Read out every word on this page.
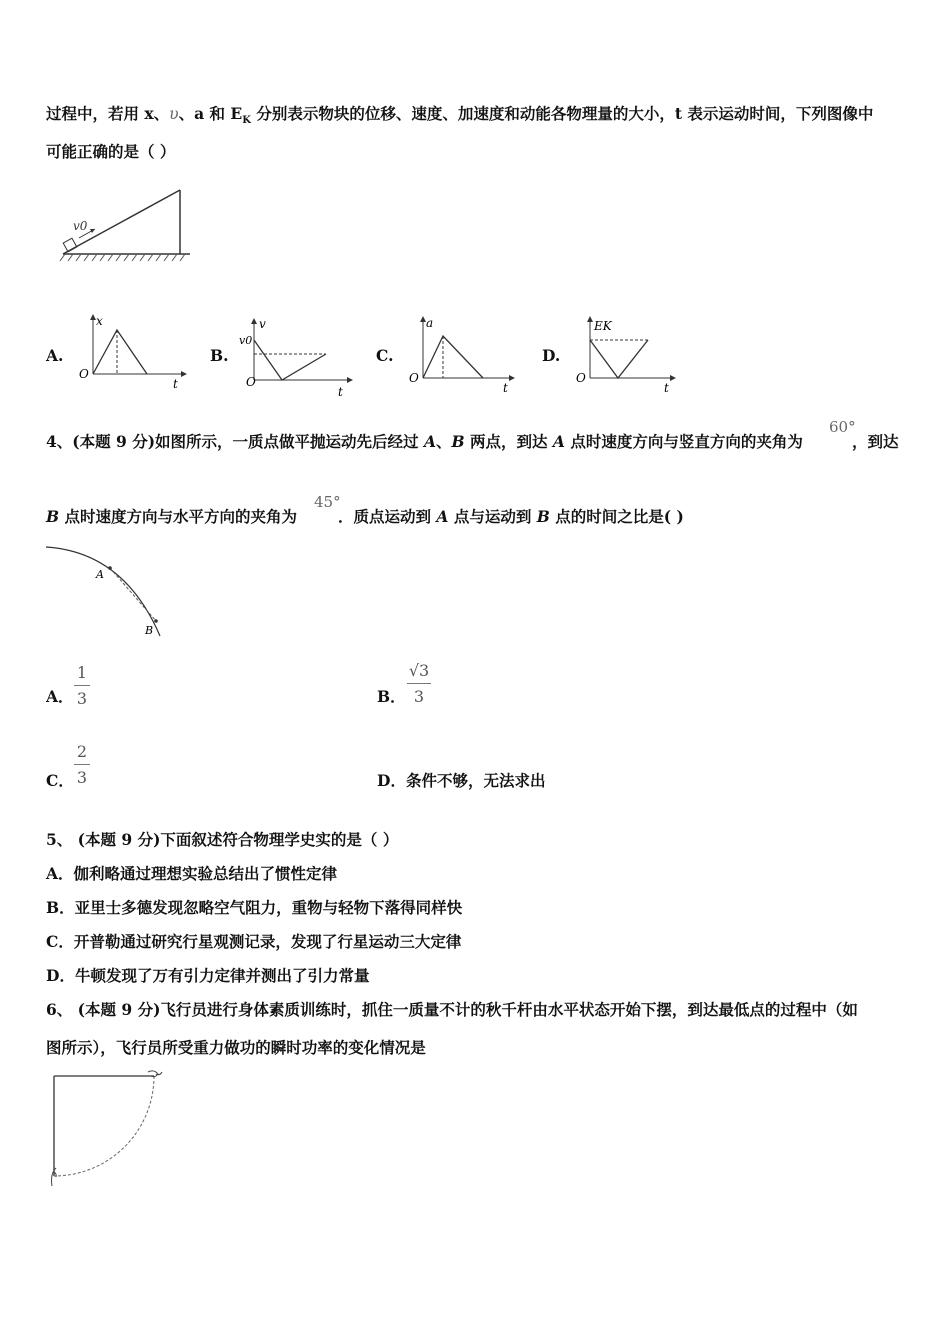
过程中，若用 x、υ、a 和 $E_K$ 分别表示物块的位移、速度、加速度和动能各物理量的大小，t 表示运动时间，下列图像中
可能正确的是（ ）
v0
A.
x
t
O
B.
v
v0
t
O
C.
a
t
O
D.
EK
t
O
4、(本题 9 分)如图所示，一质点做平抛运动先后经过 A、B 两点，到达 A 点时速度方向与竖直方向的夹角为
60°
，到达
B 点时速度方向与水平方向的夹角为
45°
．质点运动到 A 点与运动到 B 点的时间之比是( )
A
B
A．
1
3	B．
√3
3
C．
2
3	D．条件不够，无法求出
5、 (本题 9 分)下面叙述符合物理学史实的是（ ）
A．伽利略通过理想实验总结出了惯性定律
B．亚里士多德发现忽略空气阻力，重物与轻物下落得同样快
C．开普勒通过研究行星观测记录，发现了行星运动三大定律
D．牛顿发现了万有引力定律并测出了引力常量
6、 (本题 9 分)飞行员进行身体素质训练时，抓住一质量不计的秋千杆由水平状态开始下摆，到达最低点的过程中（如
图所示），飞行员所受重力做功的瞬时功率的变化情况是
